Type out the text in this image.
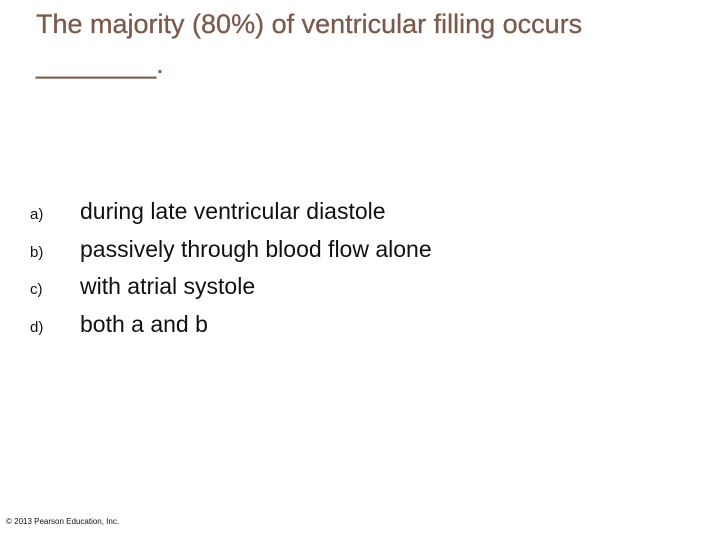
The majority (80%) of ventricular filling occurs
________.
a)	during late ventricular diastole
b)	passively through blood flow alone
c)	with atrial systole
d)	both a and b
© 2013 Pearson Education, Inc.
